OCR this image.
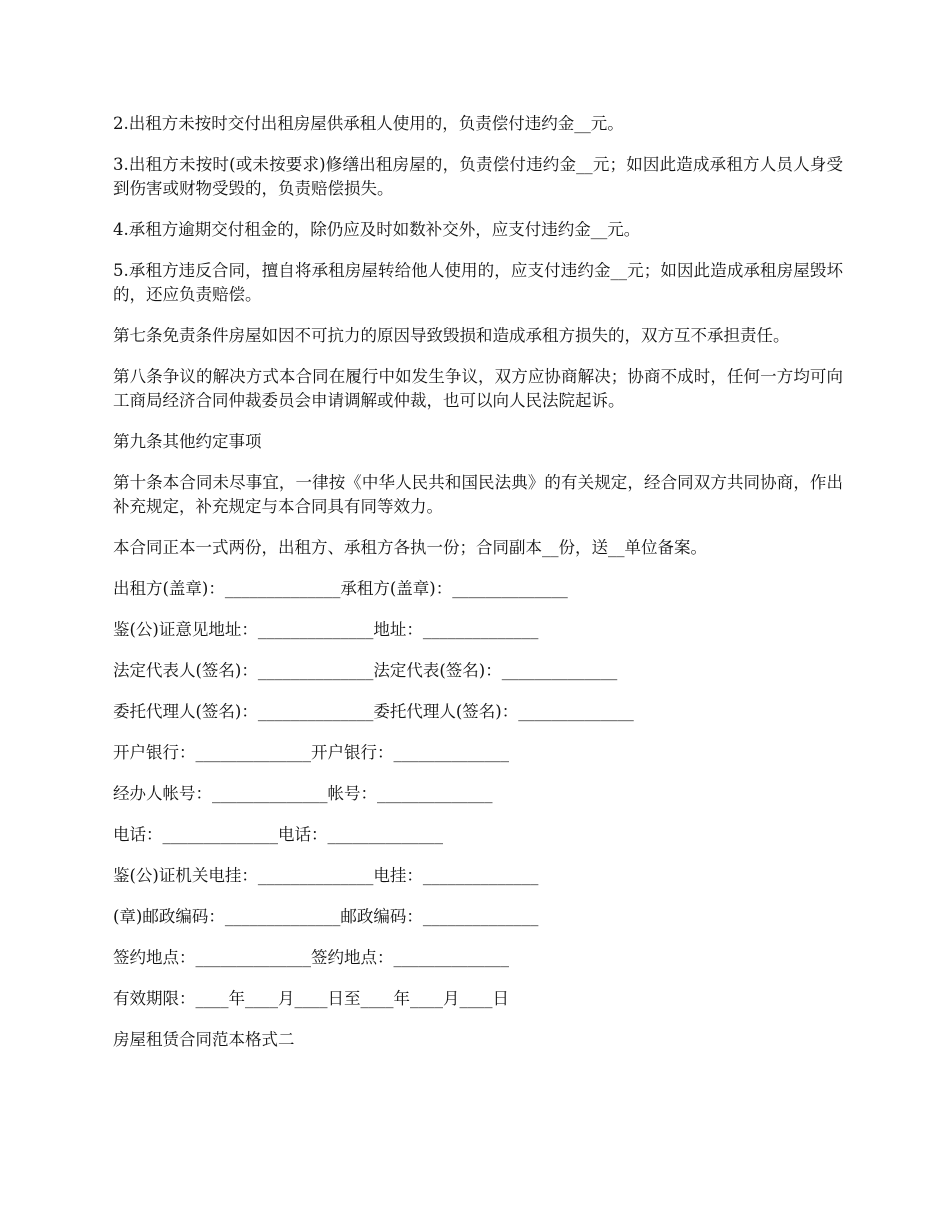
2.出租方未按时交付出租房屋供承租人使用的，负责偿付违约金__元。

3.出租方未按时(或未按要求)修缮出租房屋的，负责偿付违约金__元；如因此造成承租方人员人身受到伤害或财物受毁的，负责赔偿损失。

4.承租方逾期交付租金的，除仍应及时如数补交外，应支付违约金__元。

5.承租方违反合同，擅自将承租房屋转给他人使用的，应支付违约金__元；如因此造成承租房屋毁坏的，还应负责赔偿。

第七条免责条件房屋如因不可抗力的原因导致毁损和造成承租方损失的，双方互不承担责任。

第八条争议的解决方式本合同在履行中如发生争议，双方应协商解决；协商不成时，任何一方均可向工商局经济合同仲裁委员会申请调解或仲裁，也可以向人民法院起诉。

第九条其他约定事项

第十条本合同未尽事宜，一律按《中华人民共和国民法典》的有关规定，经合同双方共同协商，作出补充规定，补充规定与本合同具有同等效力。

本合同正本一式两份，出租方、承租方各执一份；合同副本__份，送__单位备案。

出租方(盖章)：______________承租方(盖章)：______________
鉴(公)证意见地址：______________地址：______________
法定代表人(签名)：______________法定代表(签名)：______________
委托代理人(签名)：______________委托代理人(签名)：______________
开户银行：______________开户银行：______________
经办人帐号：______________帐号：______________
电话：______________电话：______________
鉴(公)证机关电挂：______________电挂：______________
(章)邮政编码：______________邮政编码：______________
签约地点：______________签约地点：______________
有效期限：____年____月____日至____年____月____日
房屋租赁合同范本格式二
